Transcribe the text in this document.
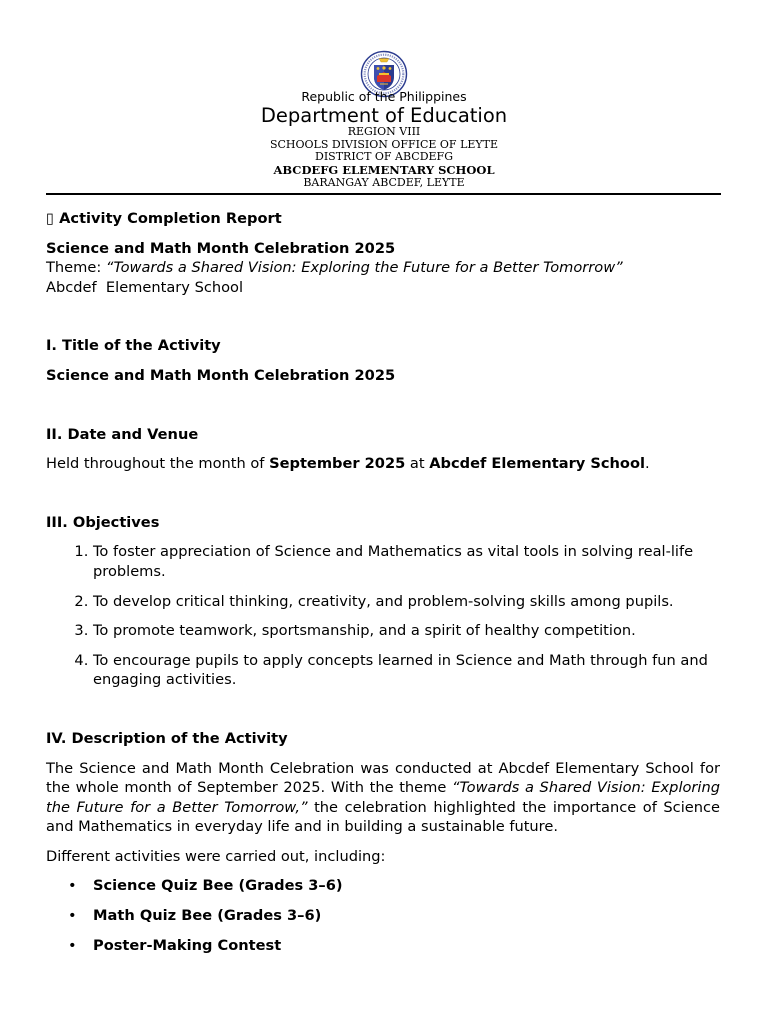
Republic of the Philippines
Department of Education
REGION VIII
SCHOOLS DIVISION OFFICE OF LEYTE
DISTRICT OF ABCDEFG
ABCDEFG ELEMENTARY SCHOOL
BARANGAY ABCDEF, LEYTE

▯ Activity Completion Report

Science and Math Month Celebration 2025

Theme: “Towards a Shared Vision: Exploring the Future for a Better Tomorrow”

Abcdef  Elementary School

I. Title of the Activity

Science and Math Month Celebration 2025

II. Date and Venue

Held throughout the month of September 2025 at Abcdef Elementary School.

III. Objectives

1. To foster appreciation of Science and Mathematics as vital tools in solving real-life problems.
2. To develop critical thinking, creativity, and problem-solving skills among pupils.
3. To promote teamwork, sportsmanship, and a spirit of healthy competition.
4. To encourage pupils to apply concepts learned in Science and Math through fun and engaging activities.

IV. Description of the Activity

The Science and Math Month Celebration was conducted at Abcdef Elementary School for the whole month of September 2025. With the theme “Towards a Shared Vision: Exploring the Future for a Better Tomorrow,” the celebration highlighted the importance of Science and Mathematics in everyday life and in building a sustainable future.

Different activities were carried out, including:

• Science Quiz Bee (Grades 3–6)
• Math Quiz Bee (Grades 3–6)
• Poster-Making Contest
